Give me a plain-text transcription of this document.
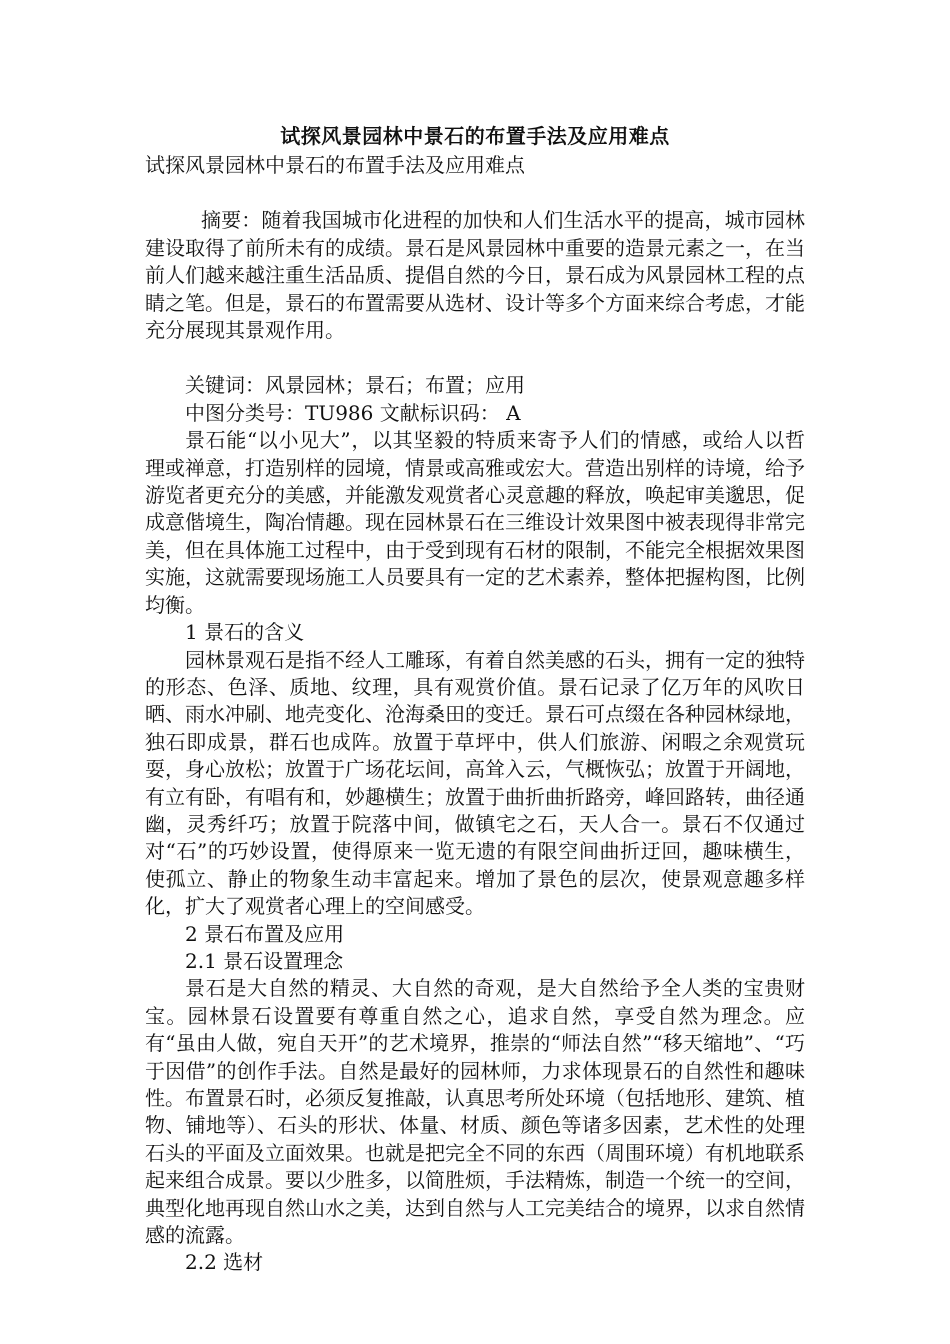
试探风景园林中景石的布置手法及应用难点

试探风景园林中景石的布置手法及应用难点

摘要：随着我国城市化进程的加快和人们生活水平的提高，城市园林建设取得了前所未有的成绩。景石是风景园林中重要的造景元素之一，在当前人们越来越注重生活品质、提倡自然的今日，景石成为风景园林工程的点睛之笔。但是，景石的布置需要从选材、设计等多个方面来综合考虑，才能充分展现其景观作用。

关键词：风景园林；景石；布置；应用

中图分类号：TU986 文献标识码： A

景石能“以小见大”，以其坚毅的特质来寄予人们的情感，或给人以哲理或禅意，打造别样的园境，情景或高雅或宏大。营造出别样的诗境，给予游览者更充分的美感，并能激发观赏者心灵意趣的释放，唤起审美邈思，促成意偕境生，陶冶情趣。现在园林景石在三维设计效果图中被表现得非常完美，但在具体施工过程中，由于受到现有石材的限制，不能完全根据效果图实施，这就需要现场施工人员要具有一定的艺术素养，整体把握构图，比例均衡。

1 景石的含义

园林景观石是指不经人工雕琢，有着自然美感的石头，拥有一定的独特的形态、色泽、质地、纹理，具有观赏价值。景石记录了亿万年的风吹日晒、雨水冲刷、地壳变化、沧海桑田的变迁。景石可点缀在各种园林绿地，独石即成景，群石也成阵。放置于草坪中，供人们旅游、闲暇之余观赏玩耍，身心放松；放置于广场花坛间，高耸入云，气概恢弘；放置于开阔地，有立有卧，有唱有和，妙趣横生；放置于曲折曲折路旁，峰回路转，曲径通幽，灵秀纤巧；放置于院落中间，做镇宅之石，天人合一。景石不仅通过对“石”的巧妙设置，使得原来一览无遗的有限空间曲折迂回，趣味横生，使孤立、静止的物象生动丰富起来。增加了景色的层次，使景观意趣多样化，扩大了观赏者心理上的空间感受。

2 景石布置及应用

2.1 景石设置理念

景石是大自然的精灵、大自然的奇观，是大自然给予全人类的宝贵财宝。园林景石设置要有尊重自然之心，追求自然，享受自然为理念。应有“虽由人做，宛自天开”的艺术境界，推崇的“师法自然”“移天缩地”、“巧于因借”的创作手法。自然是最好的园林师，力求体现景石的自然性和趣味性。布置景石时，必须反复推敲，认真思考所处环境（包括地形、建筑、植物、铺地等）、石头的形状、体量、材质、颜色等诸多因素，艺术性的处理石头的平面及立面效果。也就是把完全不同的东西（周围环境）有机地联系起来组合成景。要以少胜多，以简胜烦，手法精炼，制造一个统一的空间，典型化地再现自然山水之美，达到自然与人工完美结合的境界，以求自然情感的流露。

2.2 选材
